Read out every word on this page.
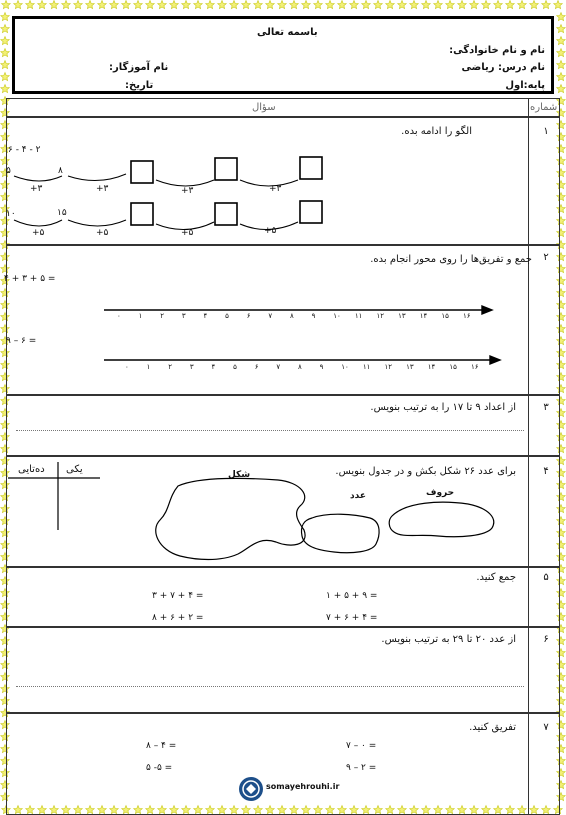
باسمه تعالی
نام و نام خانوادگی:
نام درس: ریاضی
نام آموزگار:
پایه:اول
تاریخ:
شماره
سؤال
۱
الگو را ادامه بده.
۶ - ۴ - ۲
۵	۸
+۳	+۳	+۳	+۳
۱۰	۱۵
+۵	+۵	+۵	+۵
۲
جمع و تفریق‌ها را روی محور انجام بده.
۴ + ۳ + ۵ =
۹ – ۶ =
۰	۱	۲	۳	۴	۵	۶	۷	۸	۹	۱۰ ۱۱ ۱۲ ۱۳ ۱۴ ۱۵ ۱۶
۰	۱	۲	۳	۴	۵	۶	۷	۸	۹	۱۰ ۱۱ ۱۲ ۱۳ ۱۴ ۱۵ ۱۶
۳
از اعداد ۹ تا ۱۷ را به ترتیب بنویس.
۴
برای عدد ۲۶ شکل بکش و در جدول بنویس.
شکل
عدد	حروف
یکی
ده‌تایی
۵
جمع کنید.
۱ + ۵ + ۹ =
۳ + ۷ + ۴ =
۷ + ۶ + ۴ =
۸ + ۶ + ۲ =
۶
از عدد ۲۰ تا ۲۹ به ترتیب بنویس.
۷
تفریق کنید.
۷ – ۰ =
۸ – ۴ =
۹ – ۲ =
۵ -۵ =
somayehrouhi.ir
